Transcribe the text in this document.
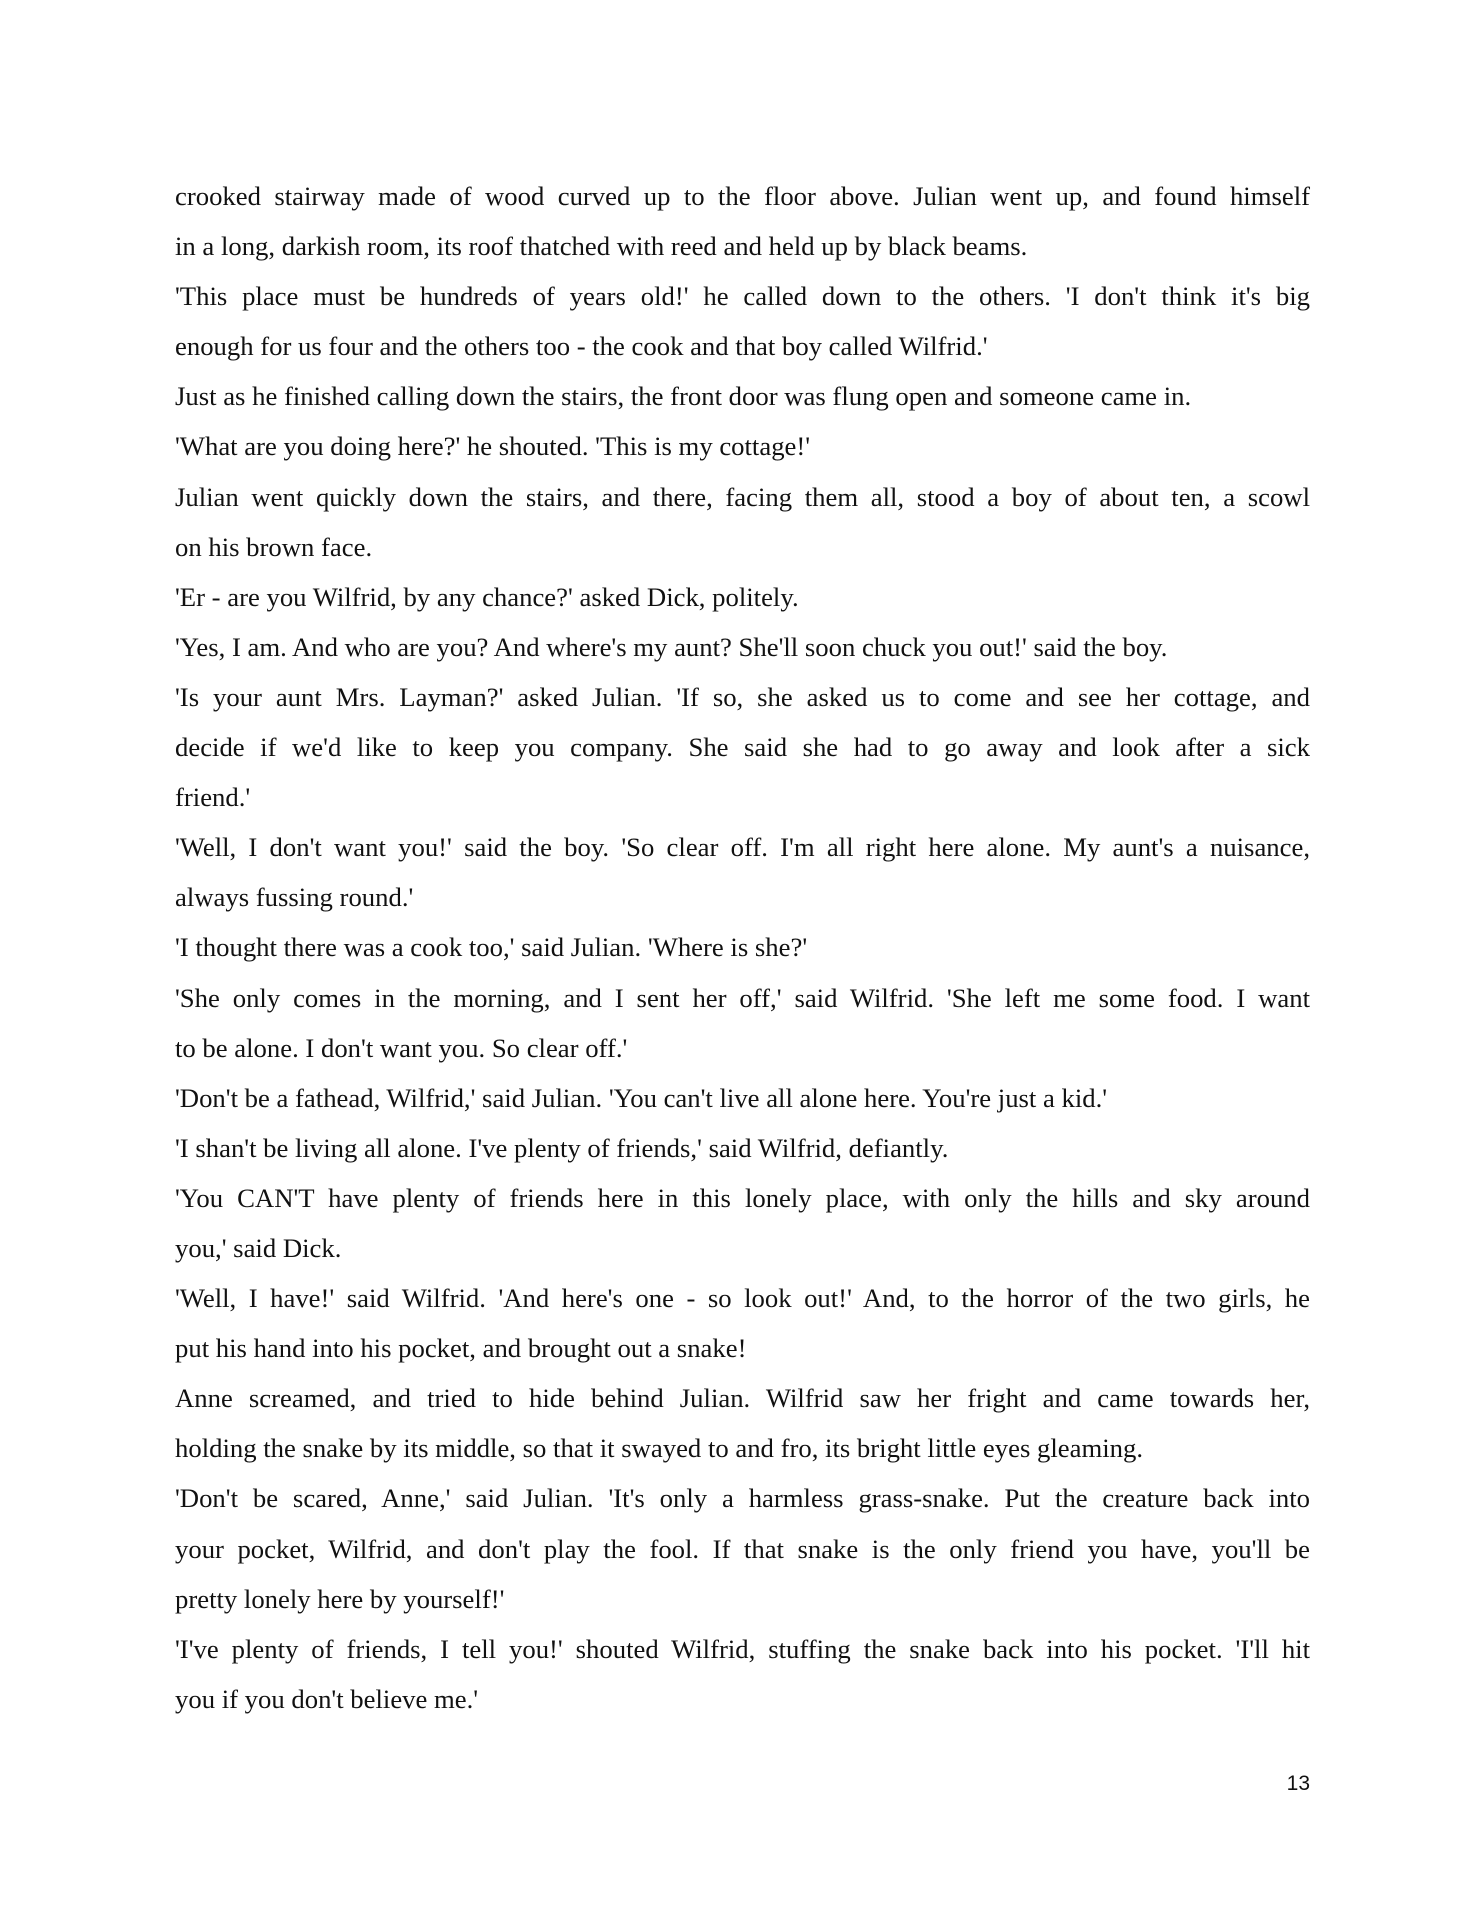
crooked stairway made of wood curved up to the floor above. Julian went up, and found himself
in a long, darkish room, its roof thatched with reed and held up by black beams.
'This place must be hundreds of years old!' he called down to the others. 'I don't think it's big
enough for us four and the others too - the cook and that boy called Wilfrid.'
Just as he finished calling down the stairs, the front door was flung open and someone came in.
'What are you doing here?' he shouted. 'This is my cottage!'
Julian went quickly down the stairs, and there, facing them all, stood a boy of about ten, a scowl
on his brown face.
'Er - are you Wilfrid, by any chance?' asked Dick, politely.
'Yes, I am. And who are you? And where's my aunt? She'll soon chuck you out!' said the boy.
'Is your aunt Mrs. Layman?' asked Julian. 'If so, she asked us to come and see her cottage, and
decide if we'd like to keep you company. She said she had to go away and look after a sick
friend.'
'Well, I don't want you!' said the boy. 'So clear off. I'm all right here alone. My aunt's a nuisance,
always fussing round.'
'I thought there was a cook too,' said Julian. 'Where is she?'
'She only comes in the morning, and I sent her off,' said Wilfrid. 'She left me some food. I want
to be alone. I don't want you. So clear off.'
'Don't be a fathead, Wilfrid,' said Julian. 'You can't live all alone here. You're just a kid.'
'I shan't be living all alone. I've plenty of friends,' said Wilfrid, defiantly.
'You CAN'T have plenty of friends here in this lonely place, with only the hills and sky around
you,' said Dick.
'Well, I have!' said Wilfrid. 'And here's one - so look out!' And, to the horror of the two girls, he
put his hand into his pocket, and brought out a snake!
Anne screamed, and tried to hide behind Julian. Wilfrid saw her fright and came towards her,
holding the snake by its middle, so that it swayed to and fro, its bright little eyes gleaming.
'Don't be scared, Anne,' said Julian. 'It's only a harmless grass-snake. Put the creature back into
your pocket, Wilfrid, and don't play the fool. If that snake is the only friend you have, you'll be
pretty lonely here by yourself!'
'I've plenty of friends, I tell you!' shouted Wilfrid, stuffing the snake back into his pocket. 'I'll hit
you if you don't believe me.'
13
